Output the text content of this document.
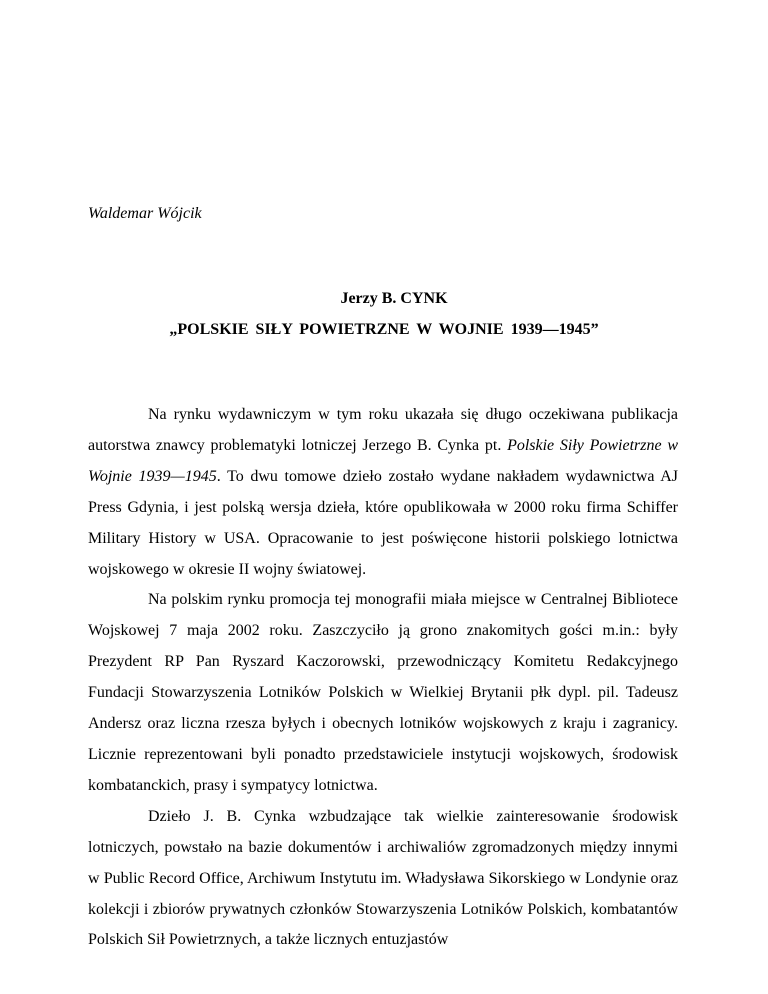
Waldemar Wójcik
Jerzy B. CYNK
„POLSKIE SIŁY POWIETRZNE W WOJNIE 1939—1945”

Na rynku wydawniczym w tym roku ukazała się długo oczekiwana publikacja autorstwa znawcy problematyki lotniczej Jerzego B. Cynka pt. Polskie Siły Powietrzne w Wojnie 1939—1945. To dwu tomowe dzieło zostało wydane nakładem wydawnictwa AJ Press Gdynia, i jest polską wersja dzieła, które opublikowała w 2000 roku firma Schiffer Military History w USA. Opracowanie to jest poświęcone historii polskiego lotnictwa wojskowego w okresie II wojny światowej.

Na polskim rynku promocja tej monografii miała miejsce w Centralnej Bibliotece Wojskowej 7 maja 2002 roku. Zaszczyciło ją grono znakomitych gości m.in.: były Prezydent RP Pan Ryszard Kaczorowski, przewodniczący Komitetu Redakcyjnego Fundacji Stowarzyszenia Lotników Polskich w Wielkiej Brytanii płk dypl. pil. Tadeusz Andersz oraz liczna rzesza byłych i obecnych lotników wojskowych z kraju i zagranicy. Licznie reprezentowani byli ponadto przedstawiciele instytucji wojskowych, środowisk kombatanckich, prasy i sympatycy lotnictwa.

Dzieło J. B. Cynka wzbudzające tak wielkie zainteresowanie środowisk lotniczych, powstało na bazie dokumentów i archiwaliów zgromadzonych między innymi w Public Record Office, Archiwum Instytutu im. Władysława Sikorskiego w Londynie oraz kolekcji i zbiorów prywatnych członków Stowarzyszenia Lotników Polskich, kombatantów Polskich Sił Powietrznych, a także licznych entuzjastów
